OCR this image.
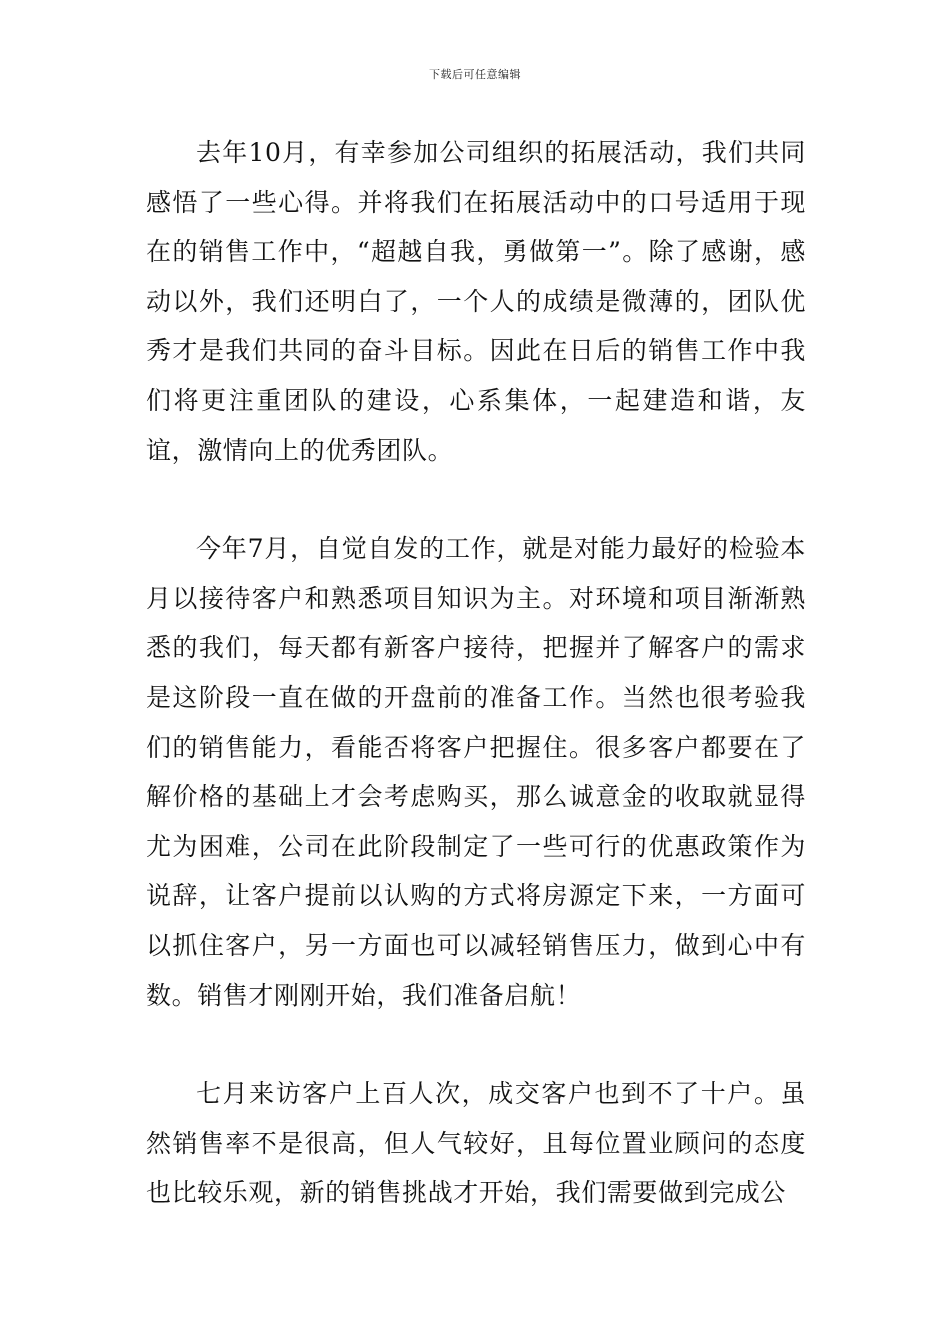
下载后可任意编辑

去年10月，有幸参加公司组织的拓展活动，我们共同感悟了一些心得。并将我们在拓展活动中的口号适用于现在的销售工作中，“超越自我，勇做第一”。除了感谢，感动以外，我们还明白了，一个人的成绩是微薄的，团队优秀才是我们共同的奋斗目标。因此在日后的销售工作中我们将更注重团队的建设，心系集体，一起建造和谐，友谊，激情向上的优秀团队。

今年7月，自觉自发的工作，就是对能力最好的检验本月以接待客户和熟悉项目知识为主。对环境和项目渐渐熟悉的我们，每天都有新客户接待，把握并了解客户的需求是这阶段一直在做的开盘前的准备工作。当然也很考验我们的销售能力，看能否将客户把握住。很多客户都要在了解价格的基础上才会考虑购买，那么诚意金的收取就显得尤为困难，公司在此阶段制定了一些可行的优惠政策作为说辞，让客户提前以认购的方式将房源定下来，一方面可以抓住客户，另一方面也可以减轻销售压力，做到心中有数。销售才刚刚开始，我们准备启航！

七月来访客户上百人次，成交客户也到不了十户。虽然销售率不是很高，但人气较好，且每位置业顾问的态度也比较乐观，新的销售挑战才开始，我们需要做到完成公
